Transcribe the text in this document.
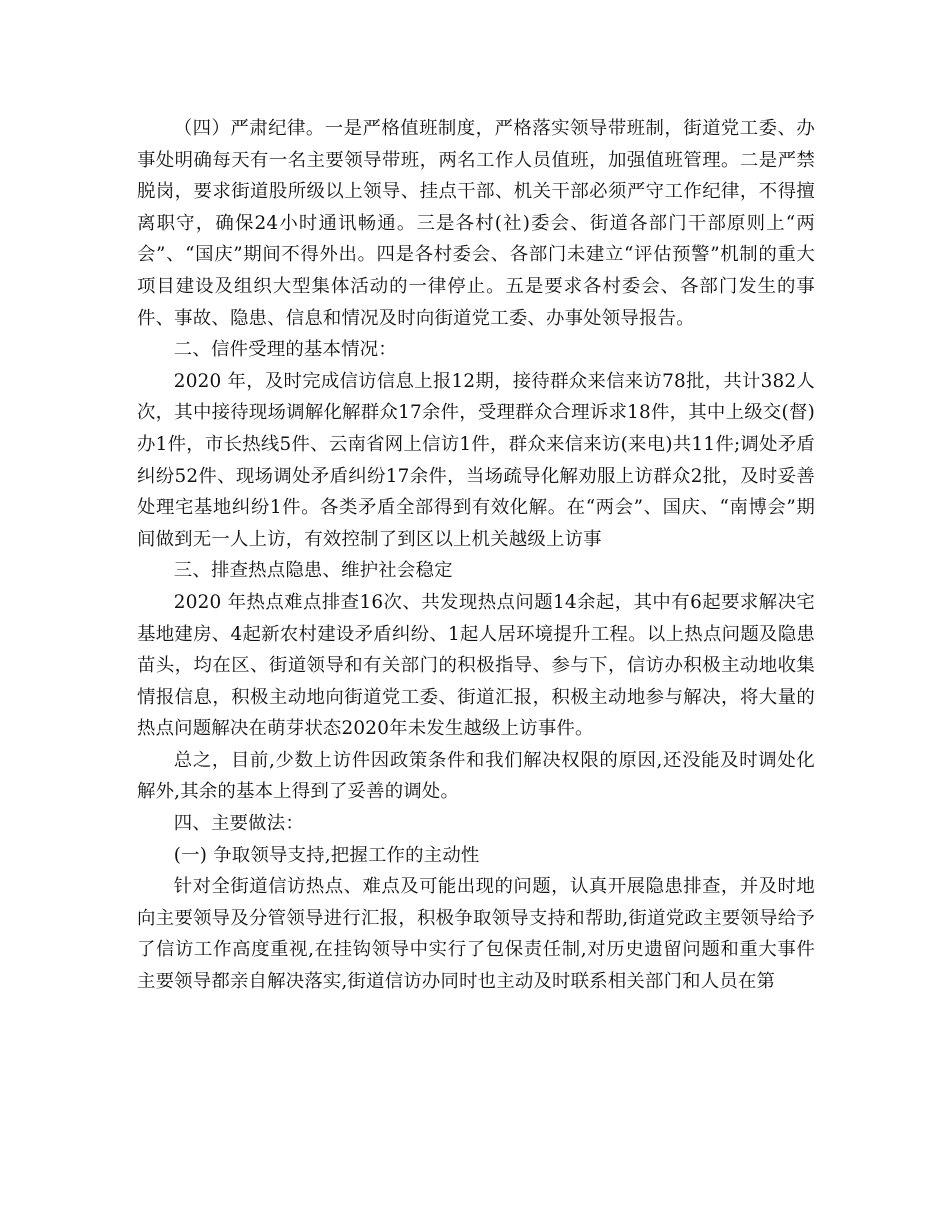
（四）严肃纪律。一是严格值班制度，严格落实领导带班制，街道党工委、办事处明确每天有一名主要领导带班，两名工作人员值班，加强值班管理。二是严禁脱岗，要求街道股所级以上领导、挂点干部、机关干部必须严守工作纪律，不得擅离职守，确保24小时通讯畅通。三是各村(社)委会、街道各部门干部原则上“两会”、“国庆”期间不得外出。四是各村委会、各部门未建立“评估预警”机制的重大项目建设及组织大型集体活动的一律停止。五是要求各村委会、各部门发生的事件、事故、隐患、信息和情况及时向街道党工委、办事处领导报告。

二、信件受理的基本情况：

2020 年，及时完成信访信息上报12期，接待群众来信来访78批，共计382人次，其中接待现场调解化解群众17余件，受理群众合理诉求18件，其中上级交(督)办1件，市长热线5件、云南省网上信访1件，群众来信来访(来电)共11件;调处矛盾纠纷52件、现场调处矛盾纠纷17余件，当场疏导化解劝服上访群众2批，及时妥善处理宅基地纠纷1件。各类矛盾全部得到有效化解。在“两会”、国庆、“南博会”期间做到无一人上访，有效控制了到区以上机关越级上访事

三、排查热点隐患、维护社会稳定

2020 年热点难点排查16次、共发现热点问题14余起，其中有6起要求解决宅基地建房、4起新农村建设矛盾纠纷、1起人居环境提升工程。以上热点问题及隐患苗头，均在区、街道领导和有关部门的积极指导、参与下，信访办积极主动地收集情报信息，积极主动地向街道党工委、街道汇报，积极主动地参与解决，将大量的热点问题解决在萌芽状态2020年未发生越级上访事件。

总之，目前,少数上访件因政策条件和我们解决权限的原因,还没能及时调处化解外,其余的基本上得到了妥善的调处。

四、主要做法：

(一) 争取领导支持,把握工作的主动性

针对全街道信访热点、难点及可能出现的问题，认真开展隐患排查，并及时地向主要领导及分管领导进行汇报，积极争取领导支持和帮助,街道党政主要领导给予了信访工作高度重视,在挂钩领导中实行了包保责任制,对历史遗留问题和重大事件主要领导都亲自解决落实,街道信访办同时也主动及时联系相关部门和人员在第
